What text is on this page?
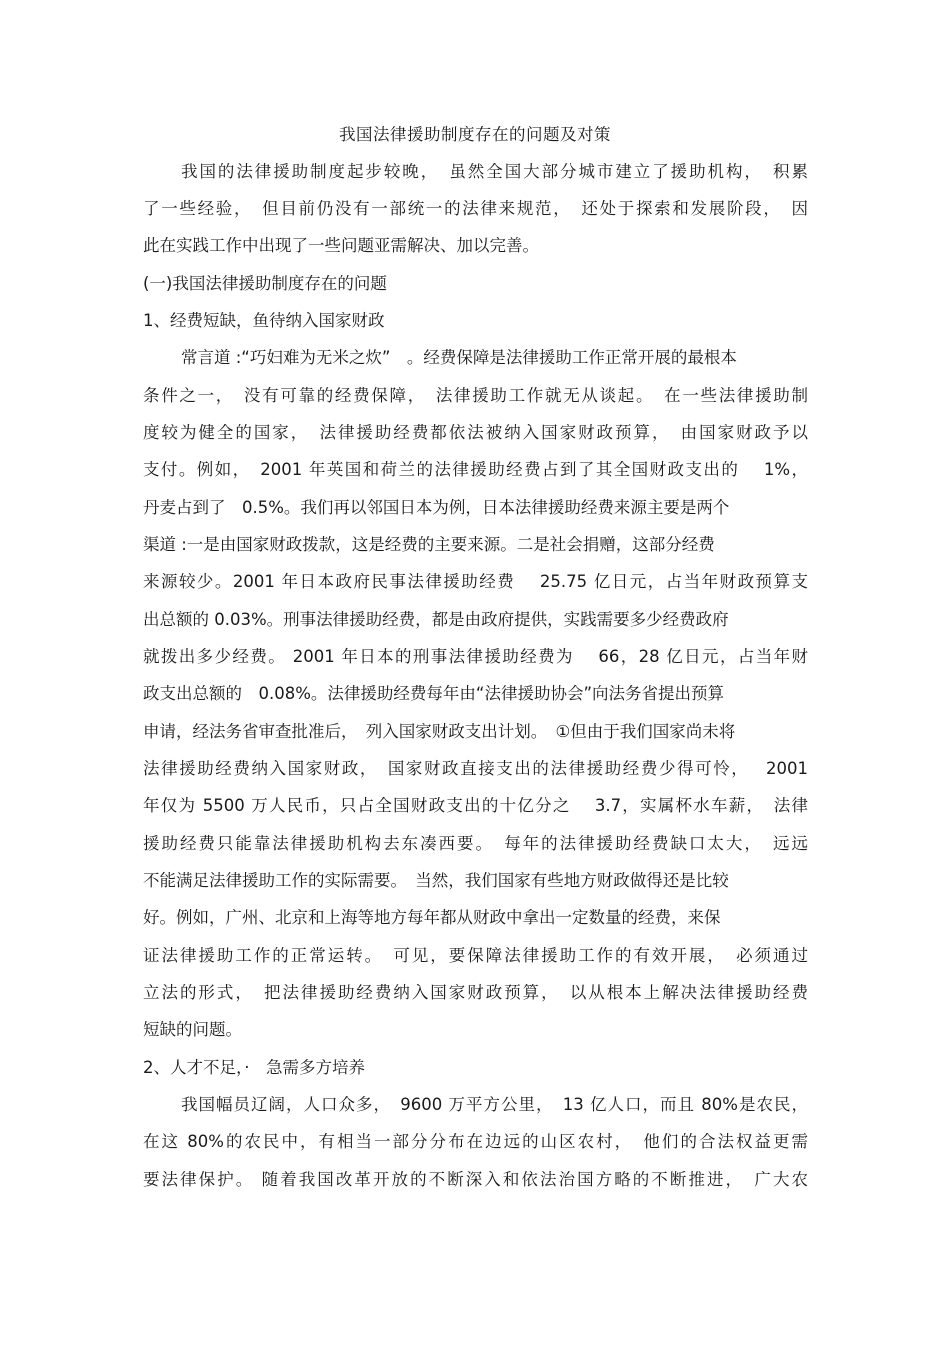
我国法律援助制度存在的问题及对策
我国的法律援助制度起步较晚，　虽然全国大部分城市建立了援助机构，　积累
了一些经验，　但目前仍没有一部统一的法律来规范，　还处于探索和发展阶段，　因
此在实践工作中出现了一些问题亚需解决、加以完善。
(一)我国法律援助制度存在的问题
1、经费短缺，鱼待纳入国家财政
常言道 :“巧妇难为无米之炊”　。经费保障是法律援助工作正常开展的最根本
条件之一，　没有可靠的经费保障，　法律援助工作就无从谈起。　在一些法律援助制
度较为健全的国家，　法律援助经费都依法被纳入国家财政预算，　由国家财政予以
支付。例如，　2001 年英国和荷兰的法律援助经费占到了其全国财政支出的　 1%，
丹麦占到了　0.5%。我们再以邻国日本为例，日本法律援助经费来源主要是两个
渠道 :一是由国家财政拨款，这是经费的主要来源。二是社会捐赠，这部分经费
来源较少。2001 年日本政府民事法律援助经费　 25.75 亿日元，占当年财政预算支
出总额的 0.03%。刑事法律援助经费，都是由政府提供，实践需要多少经费政府
就拨出多少经费。 2001 年日本的刑事法律援助经费为　 66，28 亿日元，占当年财
政支出总额的　0.08%。法律援助经费每年由“法律援助协会”向法务省提出预算
申请，经法务省审查批准后，　列入国家财政支出计划。　①但由于我们国家尚未将
法律援助经费纳入国家财政，　国家财政直接支出的法律援助经费少得可怜，　 2001
年仅为 5500 万人民币，只占全国财政支出的十亿分之　 3.7，实属杯水车薪，　法律
援助经费只能靠法律援助机构去东凑西要。　每年的法律援助经费缺口太大，　远远
不能满足法律援助工作的实际需要。　当然，我们国家有些地方财政做得还是比较
好。例如，广州、北京和上海等地方每年都从财政中拿出一定数量的经费，来保
证法律援助工作的正常运转。　可见，要保障法律援助工作的有效开展，　必须通过
立法的形式，　把法律援助经费纳入国家财政预算，　以从根本上解决法律援助经费
短缺的问题。
2、人才不足，·　急需多方培养
我国幅员辽阔，人口众多，　9600 万平方公里，　13 亿人口，而且 80%是农民，
在这 80%的农民中，有相当一部分分布在边远的山区农村，　他们的合法权益更需
要法律保护。 随着我国改革开放的不断深入和依法治国方略的不断推进，　广大农
